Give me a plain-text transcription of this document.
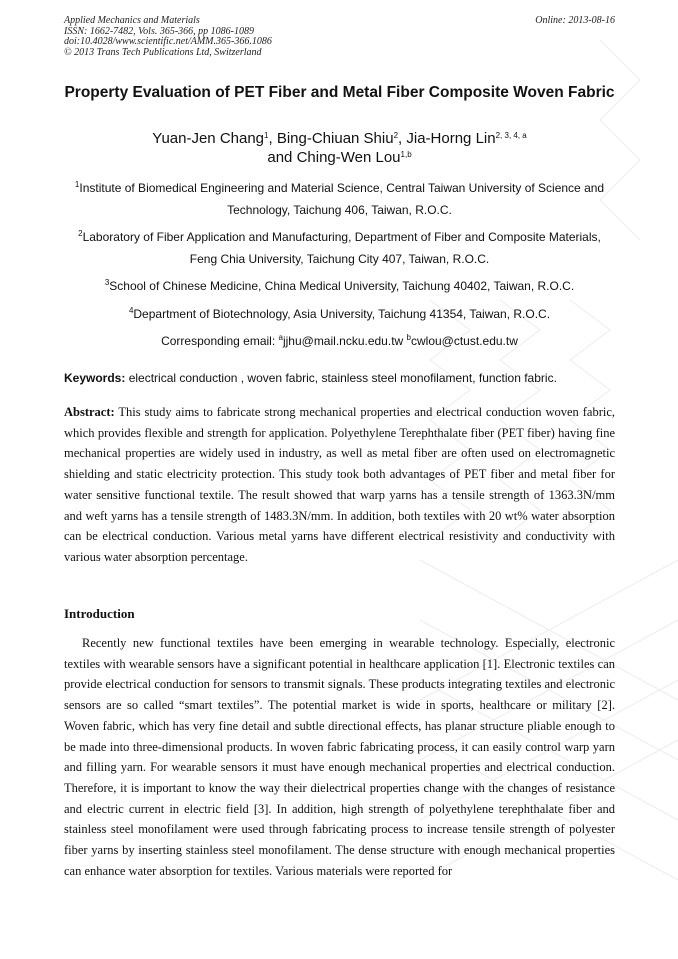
Applied Mechanics and Materials
ISSN: 1662-7482, Vols. 365-366, pp 1086-1089
doi:10.4028/www.scientific.net/AMM.365-366.1086
© 2013 Trans Tech Publications Ltd, Switzerland
Online: 2013-08-16
Property Evaluation of PET Fiber and Metal Fiber Composite Woven Fabric
Yuan-Jen Chang$^1$, Bing-Chiuan Shiu$^2$, Jia-Horng Lin$^{2, 3, 4, a}$
and Ching-Wen Lou$^{1,b}$

$^1$Institute of Biomedical Engineering and Material Science, Central Taiwan University of Science and Technology, Taichung 406, Taiwan, R.O.C.

$^2$Laboratory of Fiber Application and Manufacturing, Department of Fiber and Composite Materials, Feng Chia University, Taichung City 407, Taiwan, R.O.C.

$^3$School of Chinese Medicine, China Medical University, Taichung 40402, Taiwan, R.O.C.

$^4$Department of Biotechnology, Asia University, Taichung 41354, Taiwan, R.O.C.

Corresponding email: $^a$jjhu@mail.ncku.edu.tw $^b$cwlou@ctust.edu.tw

Keywords: electrical conduction , woven fabric, stainless steel monofilament, function fabric.

Abstract: This study aims to fabricate strong mechanical properties and electrical conduction woven fabric, which provides flexible and strength for application. Polyethylene Terephthalate fiber (PET fiber) having fine mechanical properties are widely used in industry, as well as metal fiber are often used on electromagnetic shielding and static electricity protection. This study took both advantages of PET fiber and metal fiber for water sensitive functional textile. The result showed that warp yarns has a tensile strength of 1363.3N/mm and weft yarns has a tensile strength of 1483.3N/mm. In addition, both textiles with 20 wt% water absorption can be electrical conduction. Various metal yarns have different electrical resistivity and conductivity with various water absorption percentage.

Introduction

Recently new functional textiles have been emerging in wearable technology. Especially, electronic textiles with wearable sensors have a significant potential in healthcare application [1]. Electronic textiles can provide electrical conduction for sensors to transmit signals. These products integrating textiles and electronic sensors are so called “smart textiles”. The potential market is wide in sports, healthcare or military [2]. Woven fabric, which has very fine detail and subtle directional effects, has planar structure pliable enough to be made into three-dimensional products. In woven fabric fabricating process, it can easily control warp yarn and filling yarn. For wearable sensors it must have enough mechanical properties and electrical conduction. Therefore, it is important to know the way their dielectrical properties change with the changes of resistance and electric current in electric field [3]. In addition, high strength of polyethylene terephthalate fiber and stainless steel monofilament were used through fabricating process to increase tensile strength of polyester fiber yarns by inserting stainless steel monofilament. The dense structure with enough mechanical properties can enhance water absorption for textiles. Various materials were reported for
